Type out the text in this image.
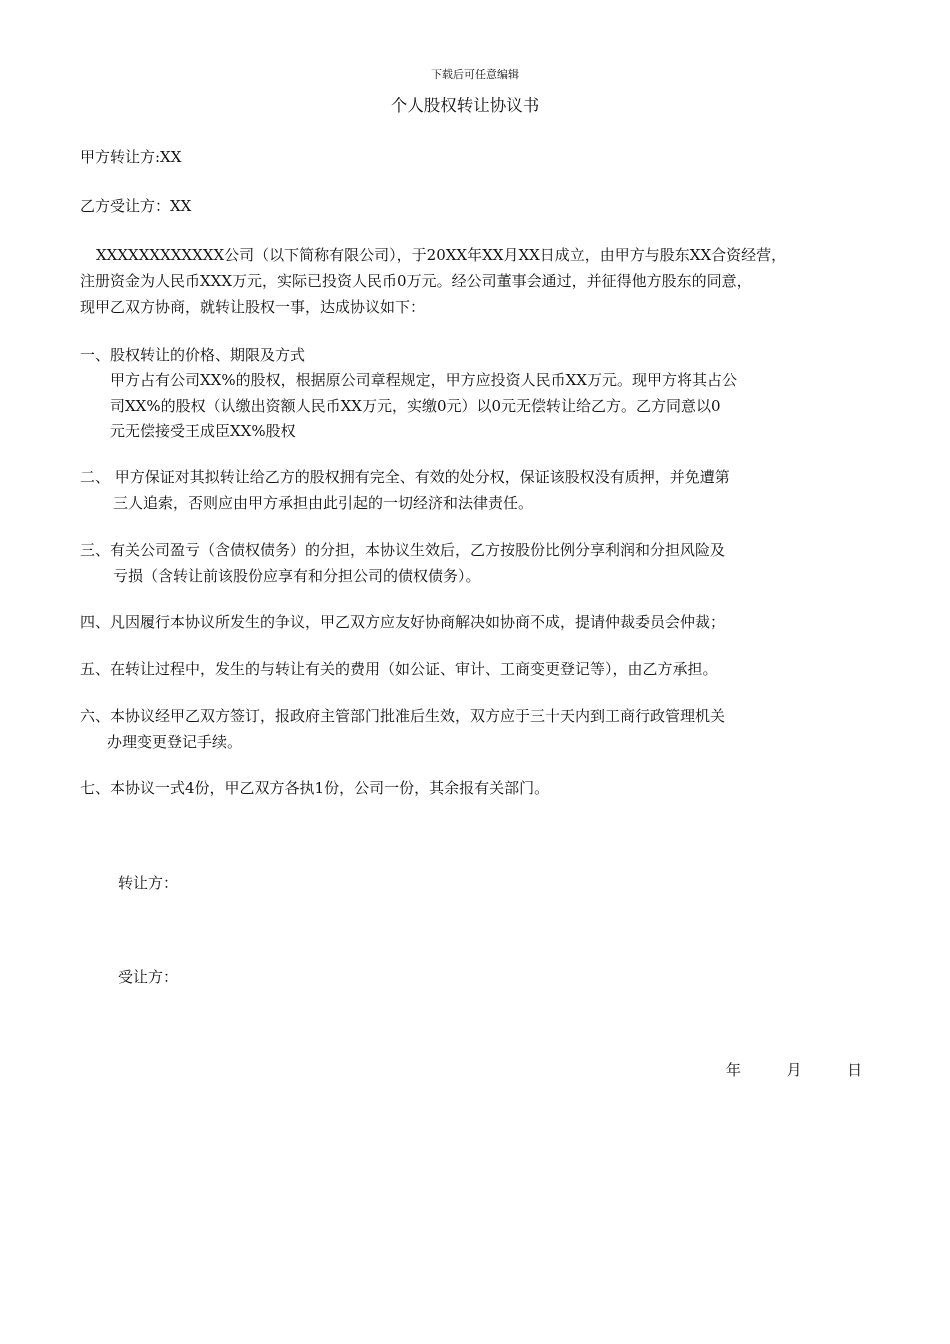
下载后可任意编辑

个人股权转让协议书

甲方转让方:XX

乙方受让方：XX

XXXXXXXXXXXX公司（以下简称有限公司），于20XX年XX月XX日成立，由甲方与股东XX合资经营，

注册资金为人民币XXX万元，实际已投资人民币0万元。经公司董事会通过，并征得他方股东的同意，

现甲乙双方协商，就转让股权一事，达成协议如下：

一、股权转让的价格、期限及方式

甲方占有公司XX%的股权，根据原公司章程规定，甲方应投资人民币XX万元。现甲方将其占公

司XX%的股权（认缴出资额人民币XX万元，实缴0元）以0元无偿转让给乙方。乙方同意以0

元无偿接受王成臣XX%股权

二、 甲方保证对其拟转让给乙方的股权拥有完全、有效的处分权，保证该股权没有质押，并免遭第

三人追索，否则应由甲方承担由此引起的一切经济和法律责任。

三、有关公司盈亏（含债权债务）的分担，本协议生效后，乙方按股份比例分享利润和分担风险及

亏损（含转让前该股份应享有和分担公司的债权债务）。

四、凡因履行本协议所发生的争议，甲乙双方应友好协商解决如协商不成，提请仲裁委员会仲裁；

五、在转让过程中，发生的与转让有关的费用（如公证、审计、工商变更登记等），由乙方承担。

六、本协议经甲乙双方签订，报政府主管部门批准后生效，双方应于三十天内到工商行政管理机关

办理变更登记手续。

七、本协议一式4份，甲乙双方各执1份，公司一份，其余报有关部门。

转让方：

受让方：

年	月	日
